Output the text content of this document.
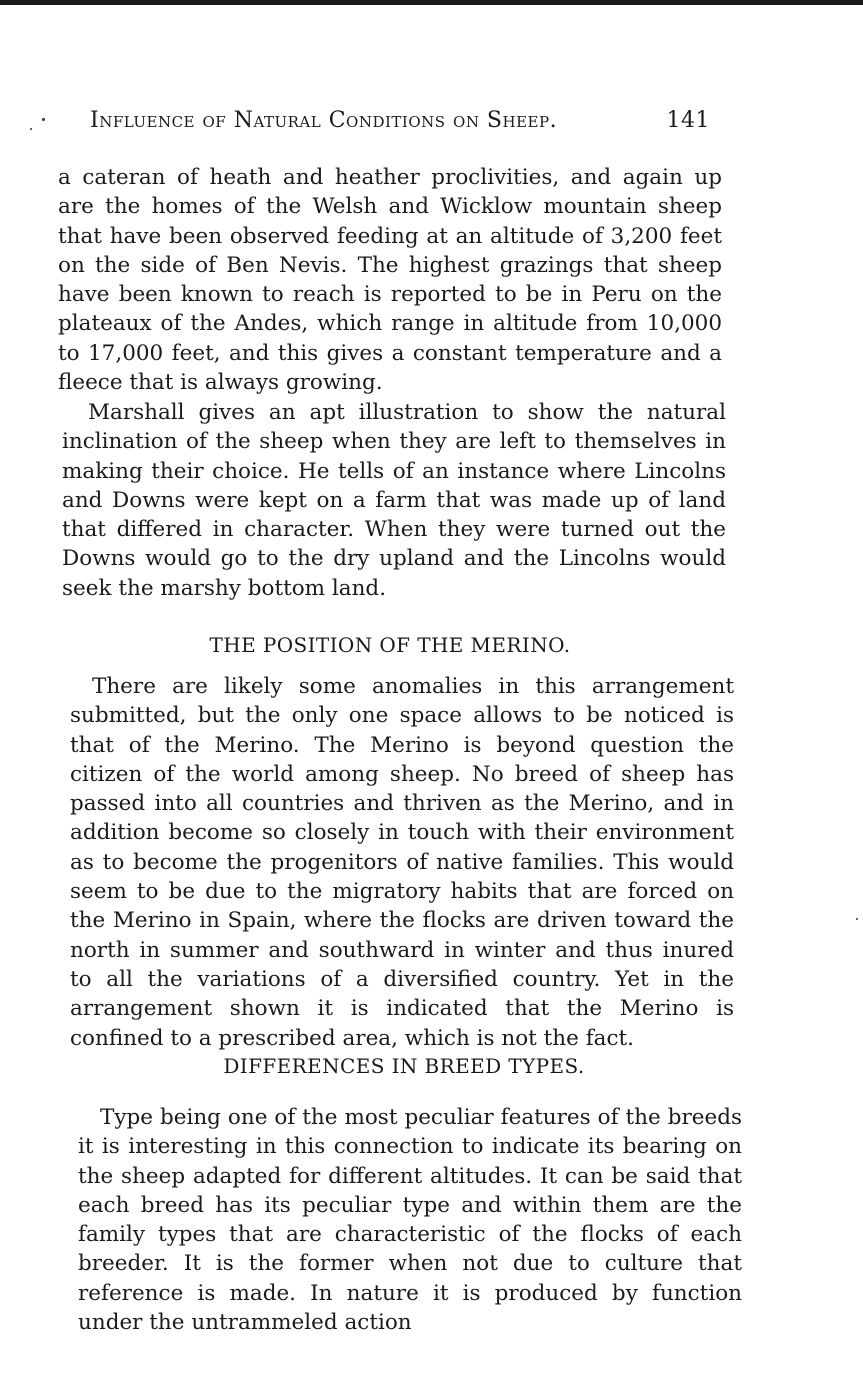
Influence of Natural Conditions on Sheep.	141

a cateran of heath and heather proclivities, and again up are the homes of the Welsh and Wicklow mountain sheep that have been observed feeding at an altitude of 3,200 feet on the side of Ben Nevis. The highest grazings that sheep have been known to reach is reported to be in Peru on the plateaux of the Andes, which range in altitude from 10,000 to 17,000 feet, and this gives a constant temperature and a fleece that is always growing.

Marshall gives an apt illustration to show the natural inclination of the sheep when they are left to themselves in making their choice. He tells of an instance where Lincolns and Downs were kept on a farm that was made up of land that differed in character. When they were turned out the Downs would go to the dry upland and the Lincolns would seek the marshy bottom land.

THE POSITION OF THE MERINO.

There are likely some anomalies in this arrangement submitted, but the only one space allows to be noticed is that of the Merino. The Merino is beyond question the citizen of the world among sheep. No breed of sheep has passed into all countries and thriven as the Merino, and in addition become so closely in touch with their environment as to become the progenitors of native families. This would seem to be due to the migratory habits that are forced on the Merino in Spain, where the flocks are driven toward the north in summer and southward in winter and thus inured to all the variations of a diversified country. Yet in the arrangement shown it is indicated that the Merino is confined to a prescribed area, which is not the fact.

DIFFERENCES IN BREED TYPES.

Type being one of the most peculiar features of the breeds it is interesting in this connection to indicate its bearing on the sheep adapted for different altitudes. It can be said that each breed has its peculiar type and within them are the family types that are characteristic of the flocks of each breeder. It is the former when not due to culture that reference is made. In nature it is produced by function under the untrammeled action
